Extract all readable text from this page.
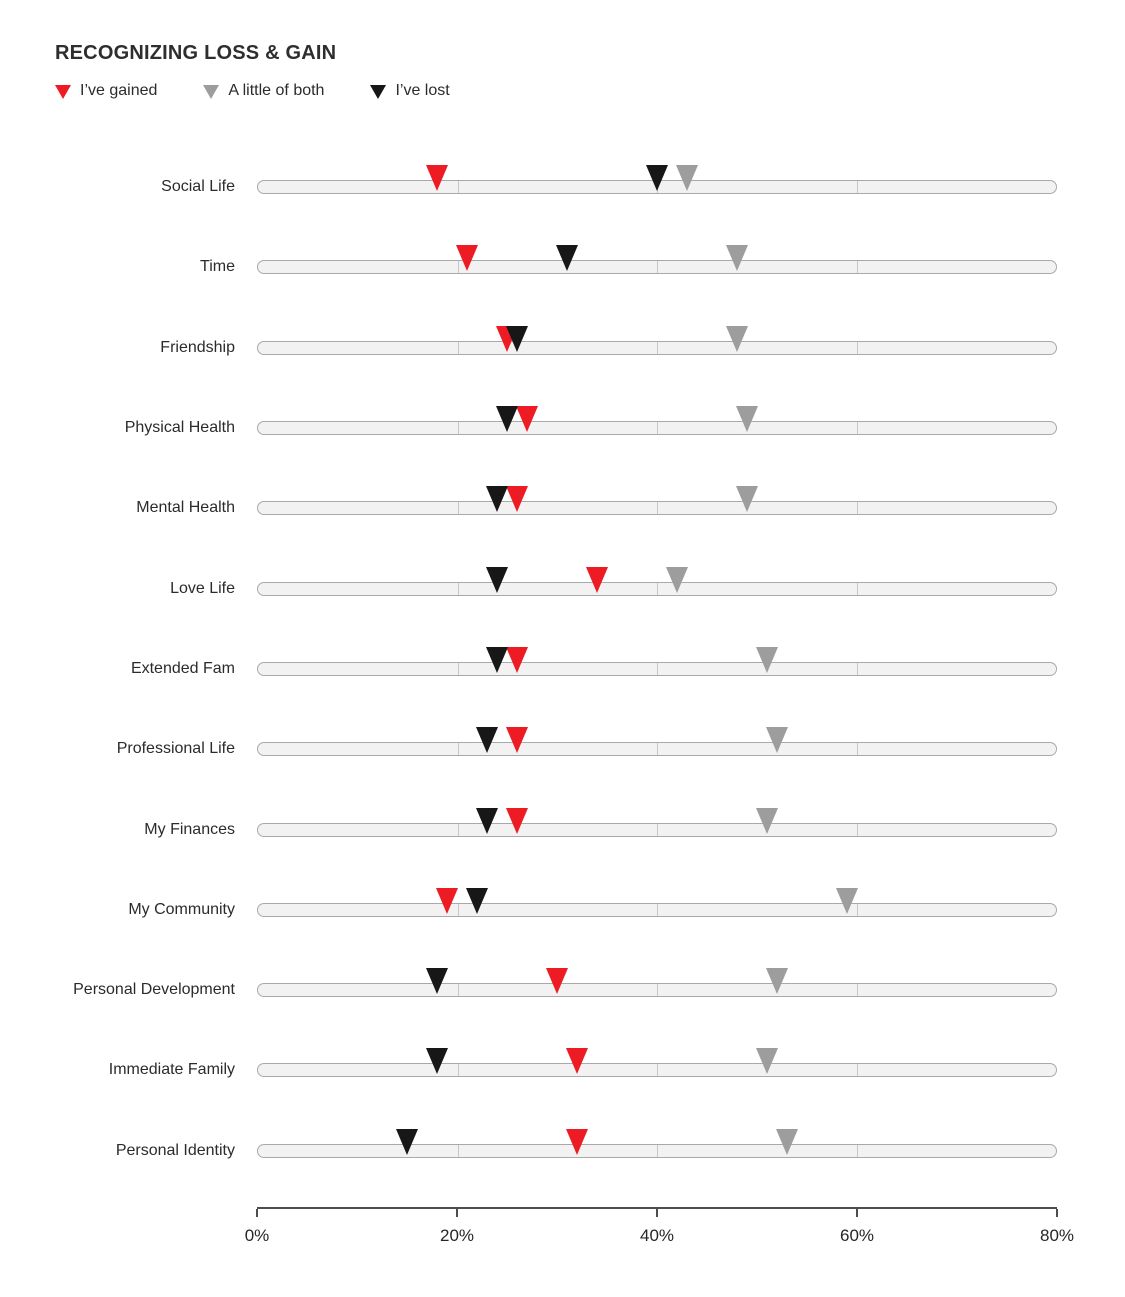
RECOGNIZING LOSS & GAIN
I’ve gained	A little of both	I’ve lost
Social Life
Time
Friendship
Physical Health
Mental Health
Love Life
Extended Fam
Professional Life
My Finances
My Community
Personal Development
Immediate Family
Personal Identity
0%	20%	40%	60%	80%
